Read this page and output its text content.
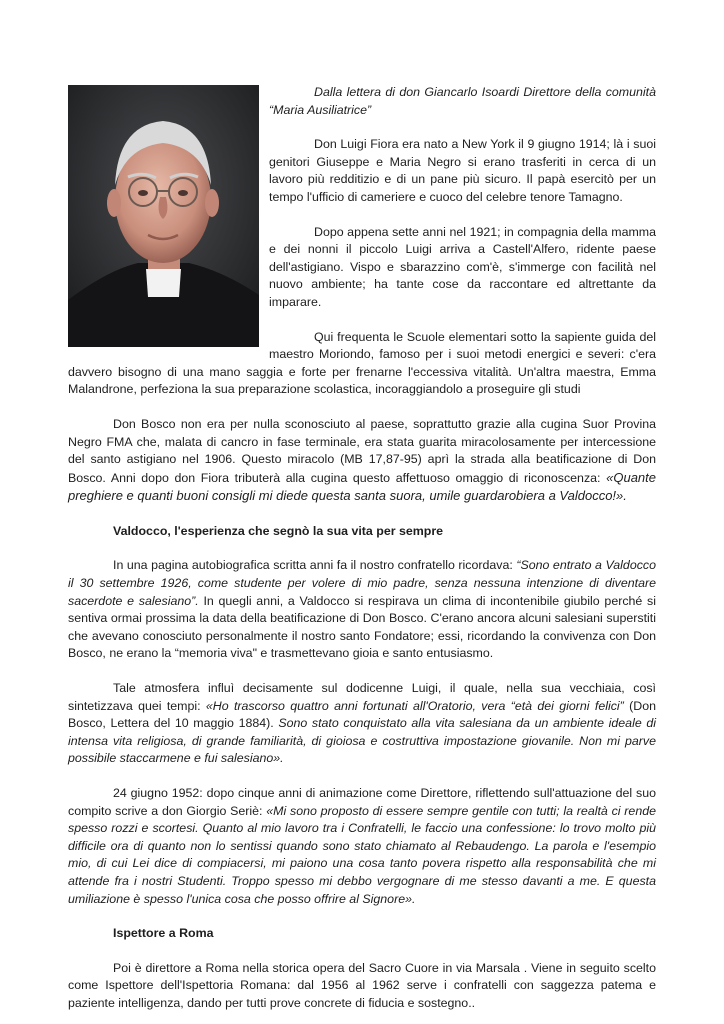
Dalla lettera di don Giancarlo Isoardi Direttore della comunità “Maria Ausiliatrice”

Don Luigi Fiora era nato a New York il 9 giugno 1914; là i suoi genitori Giuseppe e Maria Negro si erano trasferiti in cerca di un lavoro più redditizio e di un pane più sicuro. Il papà esercitò per un tempo l'ufficio di cameriere e cuoco del celebre tenore Tamagno.

Dopo appena sette anni nel 1921; in compagnia della mamma e dei nonni il piccolo Luigi arriva a Castell'Alfero, ridente paese dell'astigiano. Vispo e sbarazzino com'è, s'immerge con facilità nel nuovo ambiente; ha tante cose da raccontare ed altrettante da imparare.

Qui frequenta le Scuole elementari sotto la sapiente guida del maestro Moriondo, famoso per i suoi metodi energici e severi: c'era davvero bisogno di una mano saggia e forte per frenarne l'eccessiva vitalità. Un'altra maestra, Emma Malandrone, perfeziona la sua preparazione scolastica, incoraggiandolo a proseguire gli studi

Don Bosco non era per nulla sconosciuto al paese, soprattutto grazie alla cugina Suor Provina Negro FMA che, malata di cancro in fase terminale, era stata guarita miracolosamente per intercessione del santo astigiano nel 1906. Questo miracolo (MB 17,87-95) aprì la strada alla beatificazione di Don Bosco. Anni dopo don Fiora tributerà alla cugina questo affettuoso omaggio di riconoscenza: «Quante preghiere e quanti buoni consigli mi diede questa santa suora, umile guardarobiera a Valdocco!».

Valdocco, l'esperienza che segnò la sua vita per sempre

In una pagina autobiografica scritta anni fa il nostro confratello ricordava: “Sono entrato a Valdocco il 30 settembre 1926, come studente per volere di mio padre, senza nessuna intenzione di diventare sacerdote e salesiano”. In quegli anni, a Valdocco si respirava un clima di incontenibile giubilo perché si sentiva ormai prossima la data della beatificazione di Don Bosco. C'erano ancora alcuni salesiani superstiti che avevano conosciuto personalmente il nostro santo Fondatore; essi, ricordando la convivenza con Don Bosco, ne erano la “memoria viva" e trasmettevano gioia e santo entusiasmo.

Tale atmosfera influì decisamente sul dodicenne Luigi, il quale, nella sua vecchiaia, così sintetizzava quei tempi: «Ho trascorso quattro anni fortunati all'Oratorio, vera “età dei giorni felici” (Don Bosco, Lettera del 10 maggio 1884). Sono stato conquistato alla vita salesiana da un ambiente ideale di intensa vita religiosa, di grande familiarità, di gioiosa e costruttiva impostazione giovanile. Non mi parve possibile staccarmene e fui salesiano».

24 giugno 1952: dopo cinque anni di animazione come Direttore, riflettendo sull'attuazione del suo compito scrive a don Giorgio Seriè: «Mi sono proposto di essere sempre gentile con tutti; la realtà ci rende spesso rozzi e scortesi. Quanto al mio lavoro tra i Confratelli, le faccio una confessione: lo trovo molto più difficile ora di quanto non lo sentissi quando sono stato chiamato al Rebaudengo. La parola e l'esempio mio, di cui Lei dice di compiacersi, mi paiono una cosa tanto povera rispetto alla responsabilità che mi attende fra i nostri Studenti. Troppo spesso mi debbo vergognare di me stesso davanti a me. E questa umiliazione è spesso l'unica cosa che posso offrire al Signore».

Ispettore a Roma

Poi è direttore a Roma nella storica opera del Sacro Cuore in via Marsala . Viene in seguito scelto come Ispettore dell'Ispettoria Romana: dal 1956 al 1962 serve i confratelli con saggezza patema e paziente intelligenza, dando per tutti prove concrete di fiducia e sostegno..
